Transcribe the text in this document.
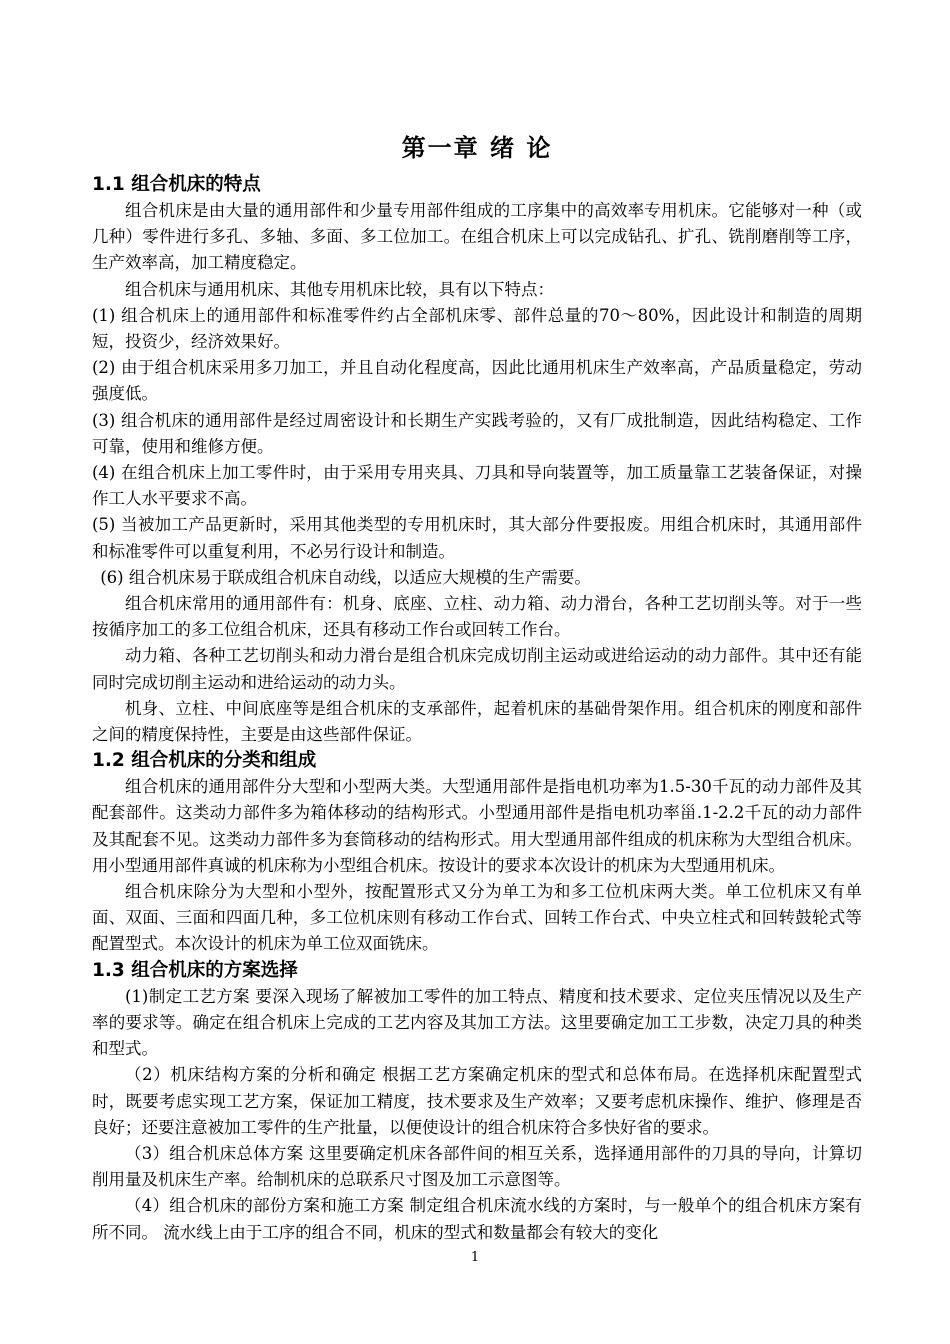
第一章 绪 论
1.1 组合机床的特点

组合机床是由大量的通用部件和少量专用部件组成的工序集中的高效率专用机床。它能够对一种（或几种）零件进行多孔、多轴、多面、多工位加工。在组合机床上可以完成钻孔、扩孔、铣削磨削等工序，生产效率高，加工精度稳定。

组合机床与通用机床、其他专用机床比较，具有以下特点：

(1) 组合机床上的通用部件和标准零件约占全部机床零、部件总量的70～80%，因此设计和制造的周期短，投资少，经济效果好。

(2) 由于组合机床采用多刀加工，并且自动化程度高，因此比通用机床生产效率高，产品质量稳定，劳动强度低。

(3) 组合机床的通用部件是经过周密设计和长期生产实践考验的，又有厂成批制造，因此结构稳定、工作可靠，使用和维修方便。

(4) 在组合机床上加工零件时，由于采用专用夹具、刀具和导向装置等，加工质量靠工艺装备保证，对操作工人水平要求不高。

(5) 当被加工产品更新时，采用其他类型的专用机床时，其大部分件要报废。用组合机床时，其通用部件和标准零件可以重复利用，不必另行设计和制造。

(6) 组合机床易于联成组合机床自动线，以适应大规模的生产需要。

组合机床常用的通用部件有：机身、底座、立柱、动力箱、动力滑台，各种工艺切削头等。对于一些按循序加工的多工位组合机床，还具有移动工作台或回转工作台。

动力箱、各种工艺切削头和动力滑台是组合机床完成切削主运动或进给运动的动力部件。其中还有能同时完成切削主运动和进给运动的动力头。

机身、立柱、中间底座等是组合机床的支承部件，起着机床的基础骨架作用。组合机床的刚度和部件之间的精度保持性，主要是由这些部件保证。

1.2 组合机床的分类和组成

组合机床的通用部件分大型和小型两大类。大型通用部件是指电机功率为1.5-30千瓦的动力部件及其配套部件。这类动力部件多为箱体移动的结构形式。小型通用部件是指电机功率甾.1-2.2千瓦的动力部件及其配套不见。这类动力部件多为套筒移动的结构形式。用大型通用部件组成的机床称为大型组合机床。用小型通用部件真诚的机床称为小型组合机床。按设计的要求本次设计的机床为大型通用机床。

组合机床除分为大型和小型外，按配置形式又分为单工为和多工位机床两大类。单工位机床又有单面、双面、三面和四面几种，多工位机床则有移动工作台式、回转工作台式、中央立柱式和回转鼓轮式等配置型式。本次设计的机床为单工位双面铣床。

1.3 组合机床的方案选择

(1)制定工艺方案 要深入现场了解被加工零件的加工特点、精度和技术要求、定位夹压情况以及生产率的要求等。确定在组合机床上完成的工艺内容及其加工方法。这里要确定加工工步数，决定刀具的种类和型式。

（2）机床结构方案的分析和确定 根据工艺方案确定机床的型式和总体布局。在选择机床配置型式时，既要考虑实现工艺方案，保证加工精度，技术要求及生产效率；又要考虑机床操作、维护、修理是否良好；还要注意被加工零件的生产批量，以便使设计的组合机床符合多快好省的要求。

（3）组合机床总体方案 这里要确定机床各部件间的相互关系，选择通用部件的刀具的导向，计算切削用量及机床生产率。给制机床的总联系尺寸图及加工示意图等。

（4）组合机床的部份方案和施工方案 制定组合机床流水线的方案时，与一般单个的组合机床方案有所不同。 流水线上由于工序的组合不同，机床的型式和数量都会有较大的变化

1
